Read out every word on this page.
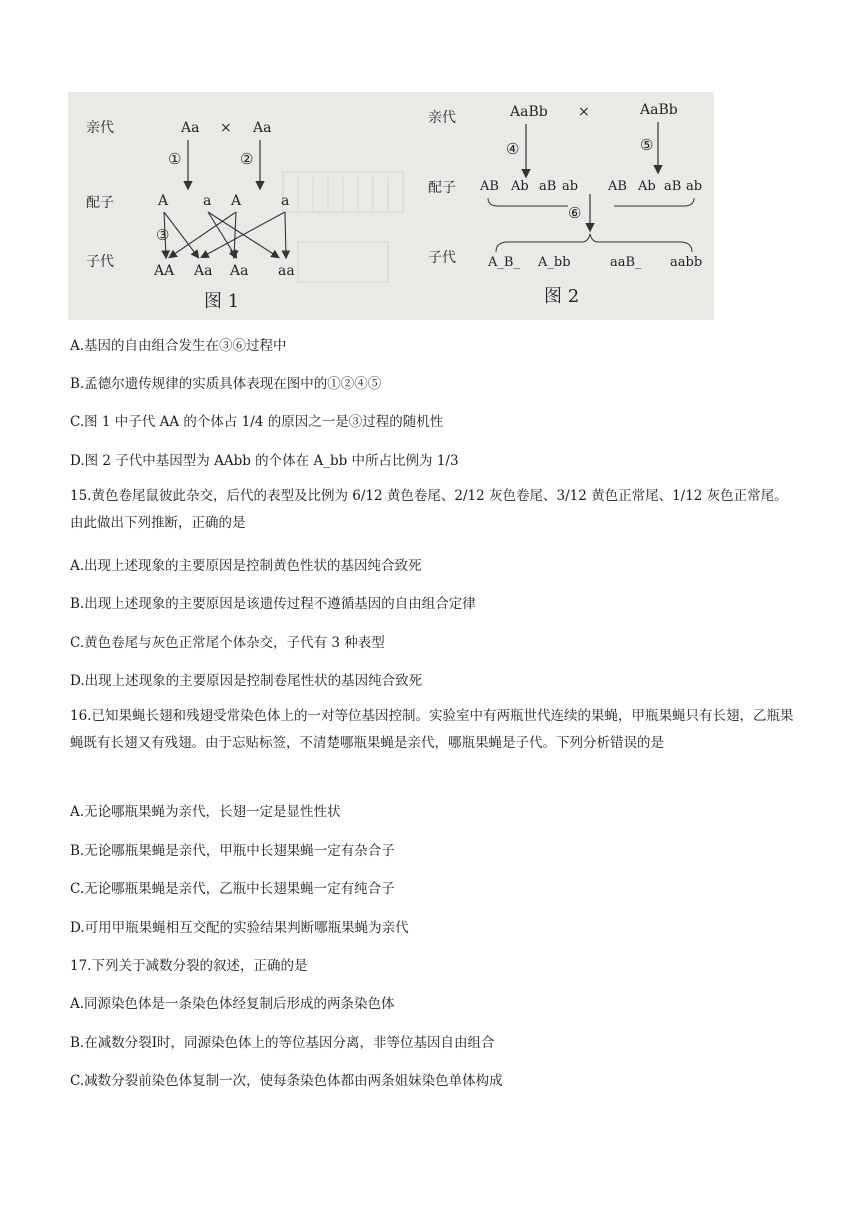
亲代	Aa × Aa
①	②
配子	A a A	a
③
子代
AA Aa Aa aa
图 1
AaBb ×	AaBb
亲代
④	⑤
配子 AB Ab aB ab AB Ab aB ab
⑥
子代 A_B_ A_bb	aaB_ aabb
图 2
A.基因的自由组合发生在③⑥过程中
B.孟德尔遗传规律的实质具体表现在图中的①②④⑤
C.图 1 中子代 AA 的个体占 1/4 的原因之一是③过程的随机性
D.图 2 子代中基因型为 AAbb 的个体在 A_bb 中所占比例为 1/3
15.黄色卷尾鼠彼此杂交，后代的表型及比例为 6/12 黄色卷尾、2/12 灰色卷尾、3/12 黄色正常尾、1/12 灰色正常尾。由此做出下列推断，正确的是
A.出现上述现象的主要原因是控制黄色性状的基因纯合致死
B.出现上述现象的主要原因是该遗传过程不遵循基因的自由组合定律
C.黄色卷尾与灰色正常尾个体杂交，子代有 3 种表型
D.出现上述现象的主要原因是控制卷尾性状的基因纯合致死
16.已知果蝇长翅和残翅受常染色体上的一对等位基因控制。实验室中有两瓶世代连续的果蝇，甲瓶果蝇只有长翅，乙瓶果蝇既有长翅又有残翅。由于忘贴标签，不清楚哪瓶果蝇是亲代，哪瓶果蝇是子代。下列分析错误的是
A.无论哪瓶果蝇为亲代，长翅一定是显性性状
B.无论哪瓶果蝇是亲代，甲瓶中长翅果蝇一定有杂合子
C.无论哪瓶果蝇是亲代，乙瓶中长翅果蝇一定有纯合子
D.可用甲瓶果蝇相互交配的实验结果判断哪瓶果蝇为亲代
17.下列关于减数分裂的叙述，正确的是
A.同源染色体是一条染色体经复制后形成的两条染色体
B.在减数分裂Ⅰ时，同源染色体上的等位基因分离，非等位基因自由组合
C.减数分裂前染色体复制一次，使每条染色体都由两条姐妹染色单体构成
